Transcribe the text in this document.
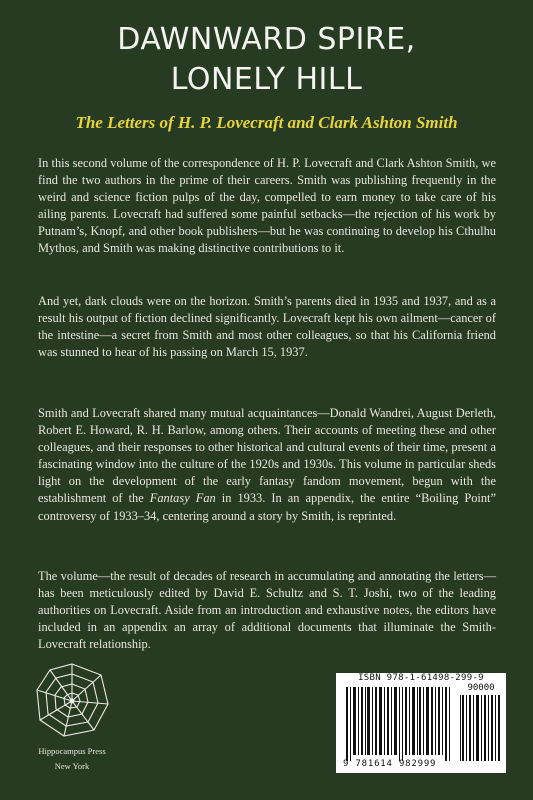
DAWNWARD SPIRE,
LONELY HILL
The Letters of H. P. Lovecraft and Clark Ashton Smith

In this second volume of the correspondence of H. P. Lovecraft and Clark Ashton Smith, we find the two authors in the prime of their careers. Smith was publishing frequently in the weird and science fiction pulps of the day, compelled to earn money to take care of his ailing parents. Lovecraft had suffered some painful setbacks—the rejection of his work by Putnam’s, Knopf, and other book publishers—but he was continuing to develop his Cthulhu Mythos, and Smith was making distinctive contributions to it.

And yet, dark clouds were on the horizon. Smith’s parents died in 1935 and 1937, and as a result his output of fiction declined significantly. Lovecraft kept his own ailment—cancer of the intestine—a secret from Smith and most other colleagues, so that his California friend was stunned to hear of his passing on March 15, 1937.

Smith and Lovecraft shared many mutual acquaintances—Donald Wandrei, August Derleth, Robert E. Howard, R. H. Barlow, among others. Their accounts of meeting these and other colleagues, and their responses to other historical and cultural events of their time, present a fascinating window into the culture of the 1920s and 1930s. This volume in particular sheds light on the development of the early fantasy fandom movement, begun with the establishment of the Fantasy Fan in 1933. In an appendix, the entire “Boiling Point” controversy of 1933–34, centering around a story by Smith, is reprinted.

The volume—the result of decades of research in accumulating and annotating the letters—has been meticulously edited by David E. Schultz and S. T. Joshi, two of the leading authorities on Lovecraft. Aside from an introduction and exhaustive notes, the editors have included in an appendix an array of additional documents that illuminate the Smith-Lovecraft relationship.

Hippocampus Press
New York
ISBN 978-1-61498-299-9
90000
9 781614 982999
